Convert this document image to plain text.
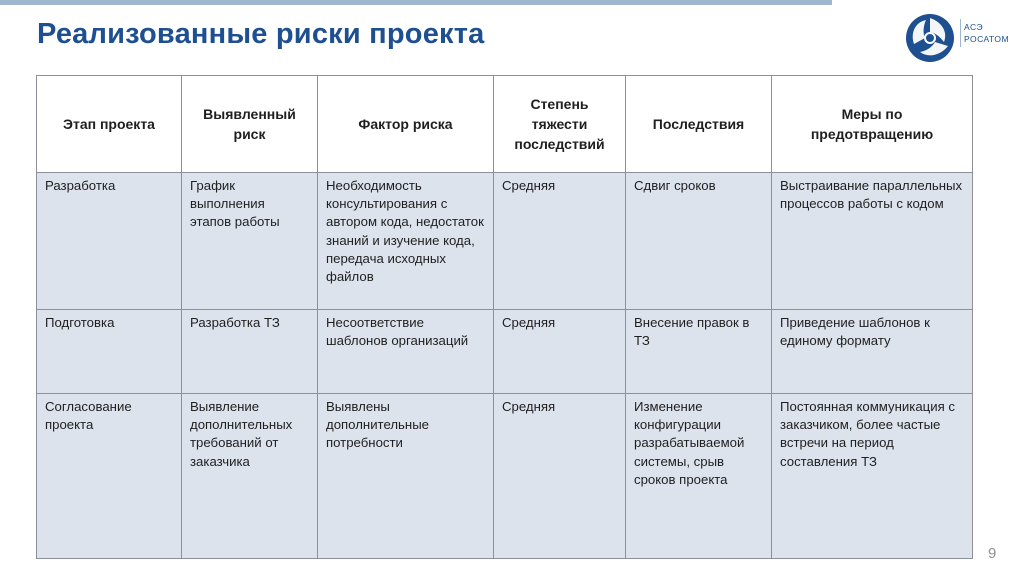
Реализованные риски проекта	АСЭ
РОСАТОМ
Этап проекта	Выявленный риск	Фактор риска	Степень тяжести последствий	Последствия	Меры по предотвращению
Разработка	График выполнения этапов работы	Необходимость консультирования с автором кода, недостаток знаний и изучение кода, передача исходных файлов	Средняя	Сдвиг сроков	Выстраивание параллельных процессов работы с кодом
Подготовка	Разработка ТЗ	Несоответствие шаблонов организаций	Средняя	Внесение правок в ТЗ	Приведение шаблонов к единому формату
Согласование проекта	Выявление дополнительных требований от заказчика	Выявлены дополнительные потребности	Средняя	Изменение конфигурации разрабатываемой системы, срыв сроков проекта	Постоянная коммуникация с заказчиком, более частые встречи на период составления ТЗ
9
